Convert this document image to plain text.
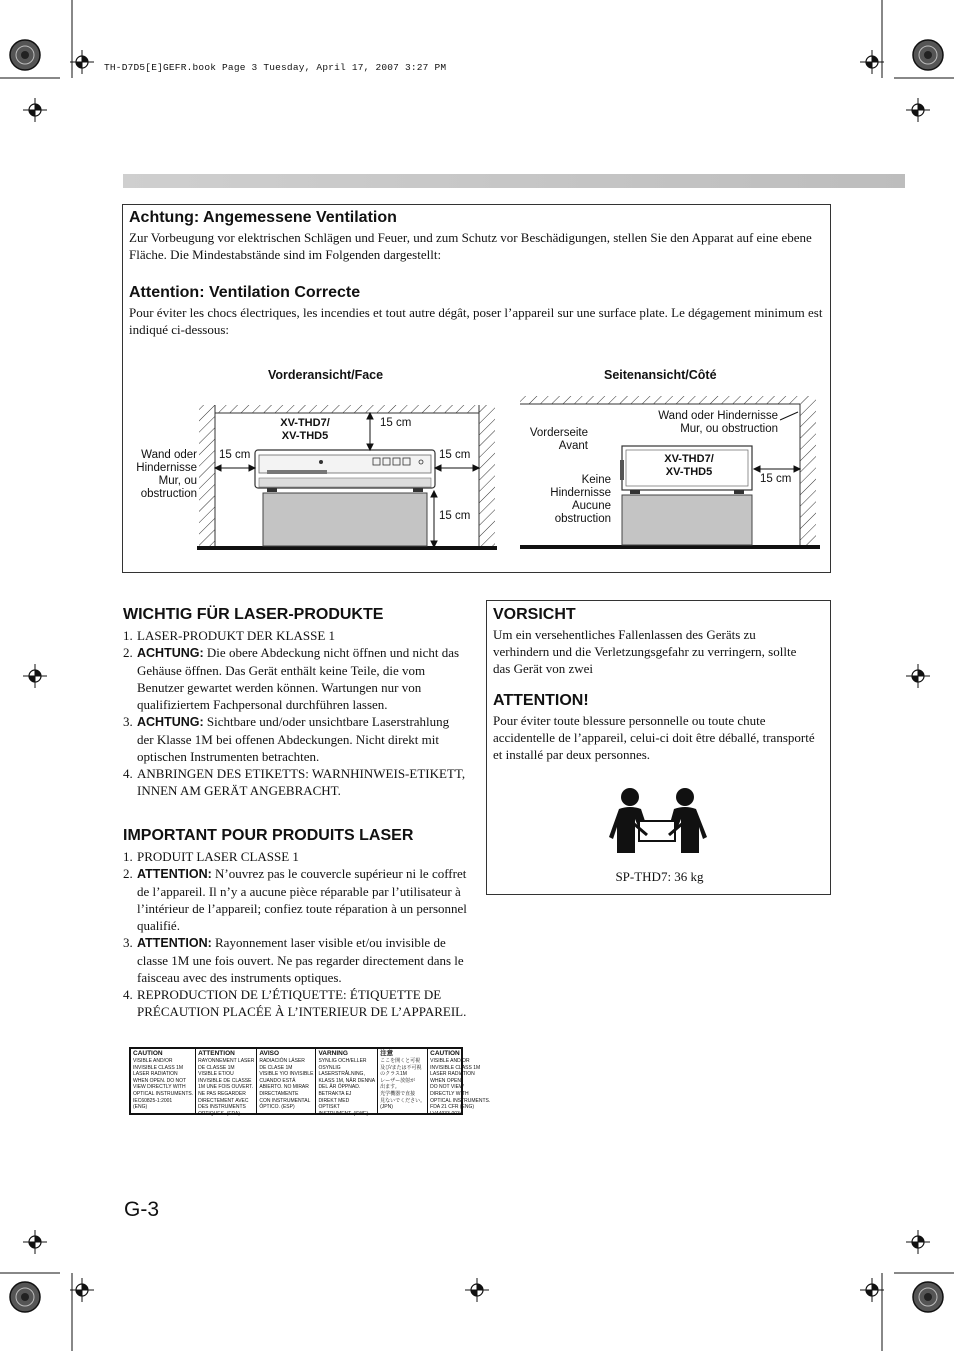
TH-D7D5[E]GEFR.book Page 3 Tuesday, April 17, 2007 3:27 PM
Achtung: Angemessene Ventilation

Zur Vorbeugung vor elektrischen Schlägen und Feuer, und zum Schutz vor Beschädigungen, stellen Sie den Apparat auf eine ebene Fläche. Die Mindestabstände sind im Folgenden dargestellt:

Attention: Ventilation Correcte

Pour éviter les chocs électriques, les incendies et tout autre dégât, poser l’appareil sur une surface plate. Le dégagement minimum est indiqué ci-dessous:

Vorderansicht/Face
XV-THD7/
XV-THD5
15 cm
15 cm	15 cm
15 cm
Wand oder
Hindernisse
Mur, ou
obstruction
Seitenansicht/Côté
Wand oder Hindernisse
Mur, ou obstruction
Vorderseite
Avant
Keine
Hindernisse
Aucune
obstruction
XV-THD7/
XV-THD5
15 cm
WICHTIG FÜR LASER-PRODUKTE
1. LASER-PRODUKT DER KLASSE 1
2. ACHTUNG: Die obere Abdeckung nicht öffnen und nicht das Gehäuse öffnen. Das Gerät enthält keine Teile, die vom Benutzer gewartet werden können. Wartungen nur von qualifiziertem Fachpersonal durchführen lassen.
3. ACHTUNG: Sichtbare und/oder unsichtbare Laserstrahlung der Klasse 1M bei offenen Abdeckungen. Nicht direkt mit optischen Instrumenten betrachten.
4. ANBRINGEN DES ETIKETTS: WARNHINWEIS-ETIKETT, INNEN AM GERÄT ANGEBRACHT.
IMPORTANT POUR PRODUITS LASER
1. PRODUIT LASER CLASSE 1
2. ATTENTION: N’ouvrez pas le couvercle supérieur ni le coffret de l’appareil. Il n’y a aucune pièce réparable par l’utilisateur à l’intérieur de l’appareil; confiez toute réparation à un personnel qualifié.
3. ATTENTION: Rayonnement laser visible et/ou invisible de classe 1M une fois ouvert. Ne pas regarder directement dans le faisceau avec des instruments optiques.
4. REPRODUCTION DE L’ÉTIQUETTE: ÉTIQUETTE DE PRÉCAUTION PLACÉE À L’INTERIEUR DE L’APPAREIL.
CAUTION
VISIBLE AND/OR
INVISIBLE CLASS 1M
LASER RADIATION
WHEN OPEN. DO NOT
VIEW DIRECTLY WITH
OPTICAL INSTRUMENTS.
IEC60825-1:2001
(ENG)
ATTENTION
RAYONNEMENT LASER
DE CLASSE 1M
VISIBLE ET/OU
INVISIBLE DE CLASSE
1M UNE FOIS OUVERT.
NE PAS REGARDER
DIRECTEMENT AVEC
DES INSTRUMENTS
OPTIQUES. (FRA)
AVISO
RADIACIÓN LÁSER
DE CLASE 1M
VISIBLE Y/O INVISIBLE
CUANDO ESTÁ
ABIERTO. NO MIRAR
DIRECTAMENTE
CON INSTRUMENTAL
ÓPTICO. (ESP)
VARNING
SYNLIG OCH/ELLER
OSYNLIG
LASERSTRÅLNING,
KLASS 1M, NÄR DENNA
DEL ÄR ÖPPNAD.
BETRAKTA EJ
DIREKT MED
OPTISKT
INSTRUMENT. (SWE)
注意
ここを開くと可視
及び/または不可視
のクラス1M
レーザー放射が
出ます。
光学機器で直接
見ないでください。
(JPN)
CAUTION
VISIBLE AND/OR
INVISIBLE CLASS 1M
LASER RADIATION
WHEN OPEN.
DO NOT VIEW
DIRECTLY WITH
OPTICAL INSTRUMENTS.
FDA 21 CFR (ENG)
LV44933-003A
VORSICHT

Um ein versehentliches Fallenlassen des Geräts zu verhindern und die Verletzungsgefahr zu verringern, sollte das Gerät von zwei

ATTENTION!

Pour éviter toute blessure personnelle ou toute chute accidentelle de l’appareil, celui-ci doit être déballé, transporté et installé par deux personnes.

SP-THD7: 36 kg
G-3
